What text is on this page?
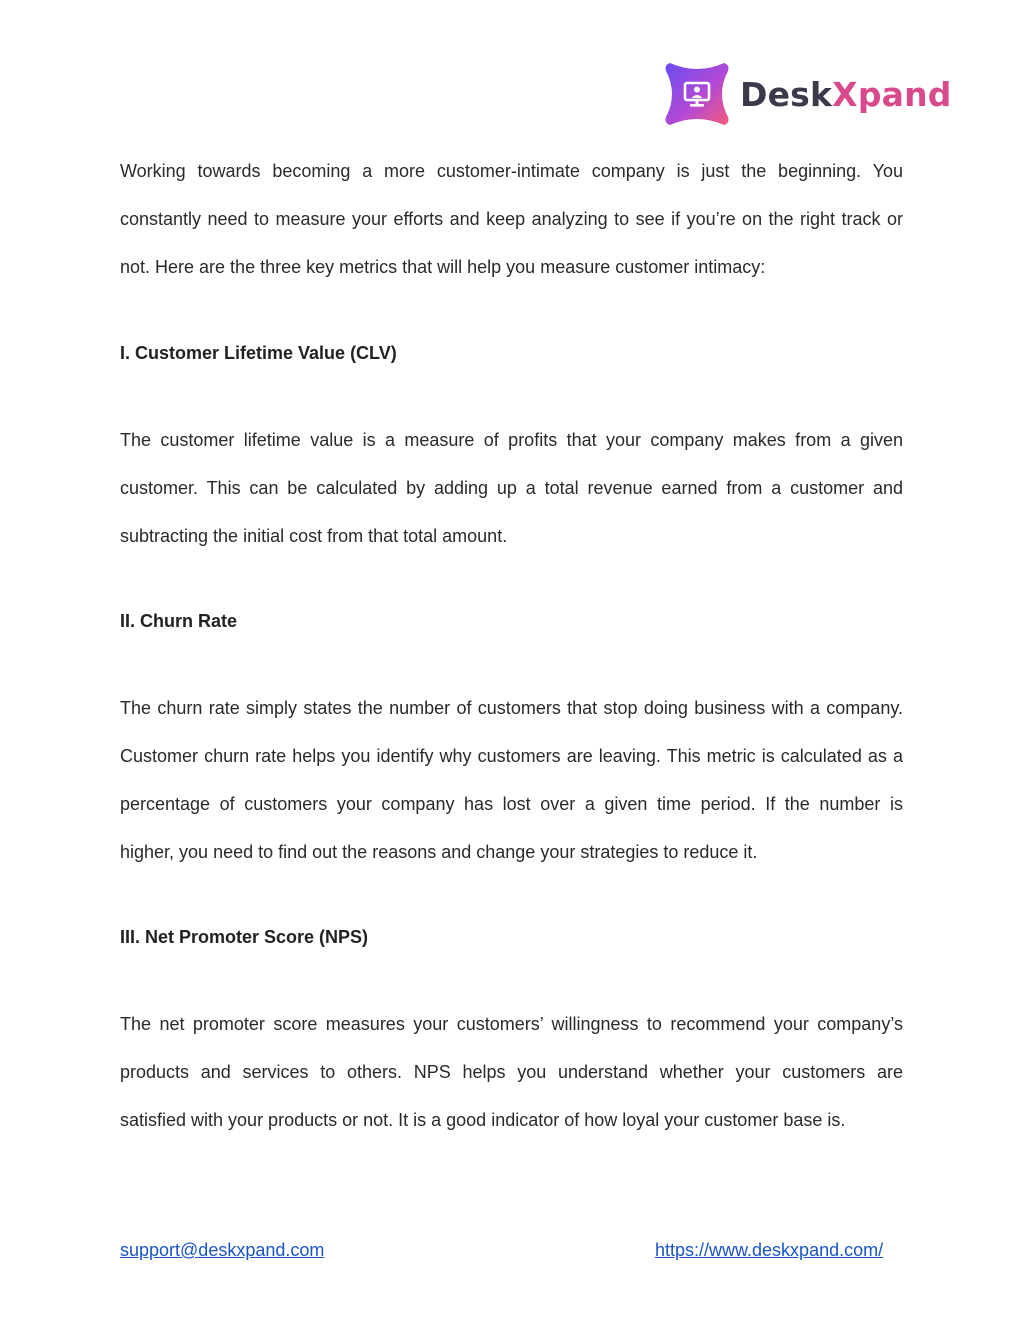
DeskXpand
Working towards becoming a more customer-intimate company is just the beginning. You
constantly need to measure your efforts and keep analyzing to see if you’re on the right track or
not. Here are the three key metrics that will help you measure customer intimacy:
I. Customer Lifetime Value (CLV)
The customer lifetime value is a measure of profits that your company makes from a given
customer. This can be calculated by adding up a total revenue earned from a customer and
subtracting the initial cost from that total amount.
II. Churn Rate
The churn rate simply states the number of customers that stop doing business with a company.
Customer churn rate helps you identify why customers are leaving. This metric is calculated as a
percentage of customers your company has lost over a given time period. If the number is
higher, you need to find out the reasons and change your strategies to reduce it.
III. Net Promoter Score (NPS)
The net promoter score measures your customers’ willingness to recommend your company’s
products and services to others. NPS helps you understand whether your customers are
satisfied with your products or not. It is a good indicator of how loyal your customer base is.
support@deskxpand.com	https://www.deskxpand.com/
